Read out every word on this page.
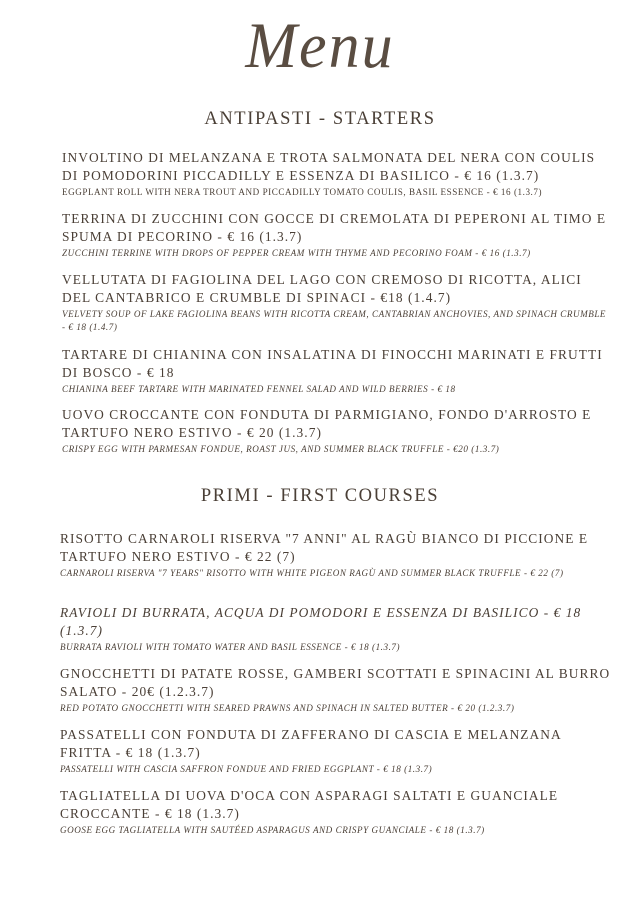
Menu
ANTIPASTI - STARTERS

INVOLTINO DI MELANZANA E TROTA SALMONATA DEL NERA CON COULIS DI POMODORINI PICCADILLY E ESSENZA DI BASILICO - € 16 (1.3.7)

EGGPLANT ROLL WITH NERA TROUT AND PICCADILLY TOMATO COULIS, BASIL ESSENCE - € 16 (1.3.7)

TERRINA DI ZUCCHINI CON GOCCE DI CREMOLATA DI PEPERONI AL TIMO E SPUMA DI PECORINO - € 16 (1.3.7)

ZUCCHINI TERRINE WITH DROPS OF PEPPER CREAM WITH THYME AND PECORINO FOAM - € 16 (1.3.7)

VELLUTATA DI FAGIOLINA DEL LAGO CON CREMOSO DI RICOTTA, ALICI DEL CANTABRICO E CRUMBLE DI SPINACI - €18 (1.4.7)

VELVETY SOUP OF LAKE FAGIOLINA BEANS WITH RICOTTA CREAM, CANTABRIAN ANCHOVIES, AND SPINACH CRUMBLE - € 18 (1.4.7)

TARTARE DI CHIANINA CON INSALATINA DI FINOCCHI MARINATI E FRUTTI DI BOSCO - € 18

CHIANINA BEEF TARTARE WITH MARINATED FENNEL SALAD AND WILD BERRIES - € 18

UOVO CROCCANTE CON FONDUTA DI PARMIGIANO, FONDO D'ARROSTO E TARTUFO NERO ESTIVO - € 20 (1.3.7)

CRISPY EGG WITH PARMESAN FONDUE, ROAST JUS, AND SUMMER BLACK TRUFFLE - €20 (1.3.7)

PRIMI - FIRST COURSES

RISOTTO CARNAROLI RISERVA "7 ANNI" AL RAGÙ BIANCO DI PICCIONE E TARTUFO NERO ESTIVO - € 22 (7)

CARNAROLI RISERVA "7 YEARS" RISOTTO WITH WHITE PIGEON RAGÙ AND SUMMER BLACK TRUFFLE - € 22 (7)

RAVIOLI DI BURRATA, ACQUA DI POMODORI E ESSENZA DI BASILICO - € 18 (1.3.7)

BURRATA RAVIOLI WITH TOMATO WATER AND BASIL ESSENCE - € 18 (1.3.7)

GNOCCHETTI DI PATATE ROSSE, GAMBERI SCOTTATI E SPINACINI AL BURRO SALATO - 20€ (1.2.3.7)

RED POTATO GNOCCHETTI WITH SEARED PRAWNS AND SPINACH IN SALTED BUTTER - € 20 (1.2.3.7)

PASSATELLI CON FONDUTA DI ZAFFERANO DI CASCIA E MELANZANA FRITTA - € 18 (1.3.7)

PASSATELLI WITH CASCIA SAFFRON FONDUE AND FRIED EGGPLANT - € 18 (1.3.7)

TAGLIATELLA DI UOVA D'OCA CON ASPARAGI SALTATI E GUANCIALE CROCCANTE - € 18 (1.3.7)

GOOSE EGG TAGLIATELLA WITH SAUTÉED ASPARAGUS AND CRISPY GUANCIALE - € 18 (1.3.7)
